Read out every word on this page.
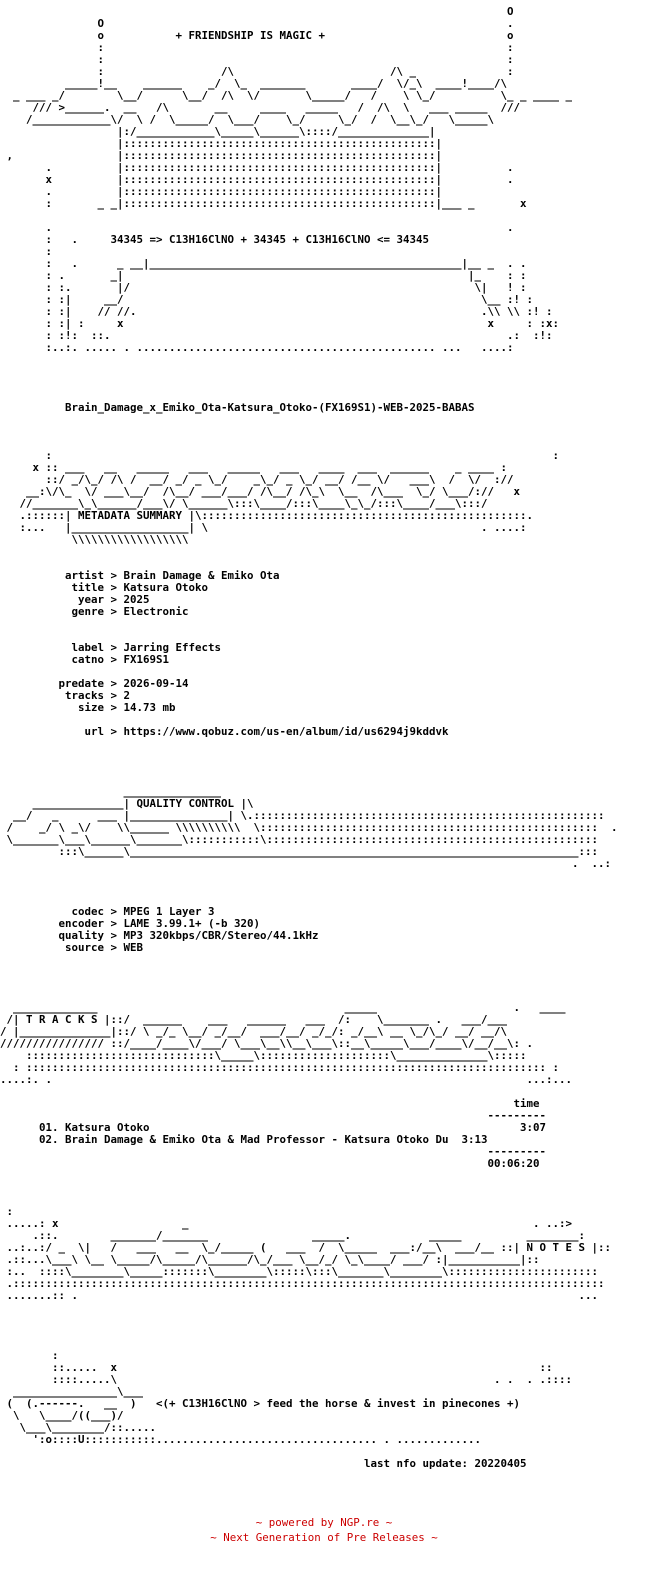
O
O                                                              .
o           + FRIENDSHIP IS MAGIC +                            o
:                                                              :
:                                                              :
:                  /\                        /\ _              :
_____!__    ______    _/  \_  _______       ____/  \/_\  ____!____/\
_ ___ _/        \__/      \__/  /\  \/       \_____/   /    \ \_/          \_ _ ____ _
/// >______.  __   /\       __     ____   _____   /  /\  \   ___ _____  ///
/____________\/  \ /  \_____/  \___/    \_/     \_/  /  \__\_/   \_____\
|:/____________\_____\______\::::/______________|
|::::::::::::::::::::::::::::::::::::::::::::::::|
,                |::::::::::::::::::::::::::::::::::::::::::::::::|
.          |::::::::::::::::::::::::::::::::::::::::::::::::|          .
x          |::::::::::::::::::::::::::::::::::::::::::::::::|          .
.          |::::::::::::::::::::::::::::::::::::::::::::::::|
:       _ _|::::::::::::::::::::::::::::::::::::::::::::::::|___ _       x

.                                                                      .
:   .     34345 => C13H16ClNO + 34345 + C13H16ClNO <= 34345
:
:   .      _ __|________________________________________________|__ _  . .
: .       _|                                                     |_    : :
: :.       |/                                                     \|   ! :
: :|     __/                                                       \__ :! :
: :|    // //.                                                     .\\ \\ :! :
: :| :     x                                                        x     : :x:
: :!:  ::.                                                             .:  :!:
:..:. ..... . .............................................. ...   ....:

Brain_Damage_x_Emiko_Ota-Katsura_Otoko-(FX169S1)-WEB-2025-BABAS

:                                                                             :
x :: ___   __   _____   ___   _____   ___   ____  ___  ______    _ ____ :
::/ _/\_/ /\ /  __/ _/ _ \_/    _\_/ _ \_/ __/ /__ \/   ___\  /  \/  ://
__:\/\_  \/ ___\__/  /\__/ ___/___/ /\__/ /\_\  \__  /\___  \_/ \___/://   x
//_______\_\______/___\/ \______\:::\____/:::\____\_\_/:::\____/___\:::/
.::::::| METADATA SUMMARY |\::::::::::::::::::::::::::::::::::::::::::::::::::.
:...   |__________________| \                                          . ....:
\\\\\\\\\\\\\\\\\\

artist > Brain Damage & Emiko Ota
title > Katsura Otoko
year > 2025
genre > Electronic

label > Jarring Effects
catno > FX169S1

predate > 2026-09-14
tracks > 2
size > 14.73 mb

url > https://www.qobuz.com/us-en/album/id/us6294j9kddvk

_______________
______________| QUALITY CONTROL |\
__/   _      ___ |_______________| \.::::::::::::::::::::::::::::::::::::::::::::::::::::::
/    _/ \ _\/    \\______ \\\\\\\\\\  \::::::::::::::::::::::::::::::::::::::::::::::::::::  .
\_______\___\______\_______\:::::::::::\:::::::::::::::::::::::::::::::::::::::::::::::::::
:::\______\_____________________________________________________________________:::
.  ..:

codec > MPEG 1 Layer 3
encoder > LAME 3.99.1+ (-b 320)
quality > MP3 320kbps/CBR/Stereo/44.1kHz
source > WEB

_____________                                      _____                     .   ____
/| T R A C K S |::/  ______    ___   ______   ___  /:    \_______ .   ___/___
/ |______________|::/ \ _/_ \__/ _/__/  ___/__/ _/_/: _/__\ __ \_/\_/ __/ __/\
//////////////// ::/____/____\/___/ \___\__\\__\___\::__\_____\___/____\/__/__\: .
:::::::::::::::::::::::::::::\_____\::::::::::::::::::::\______________\:::::
: :::::::::::::::::::::::::::::::::::::::::::::::::::::::::::::::::::::::::::::::: :
....:. .                                                                         ...:...

time
---------
01. Katsura Otoko                                                         3:07
02. Brain Damage & Emiko Ota & Mad Professor - Katsura Otoko Du  3:13
---------
00:06:20

:
.....: x                   _                                                     . ..:>
.::.        _______/_______                _____.            _____          ________:
..:..:/ _  \|   /   ___   __  \_/_____ (   ___  /  \_____  ___:/__\  ___/__ ::| N O T E S |::
.::...\___\ \__ \_____/\_____/\______/\_/___ \__/_/ \_\____/ ___/ :|___________|::
:..  ::::\________\_____:::::::\________\:::::\:::\_______\________\:::::::::::::::::::::::
.:::::::::::::::::::::::::::::::::::::::::::::::::::::::::::::::::::::::::::::::::::::::::::
.......:: .                                                                             ...

:
::.....  x                                                                 ::
::::.....\                                                          . .  . .::::
________________\___
(  (.------.   __  )   <(+ C13H16ClNO > feed the horse & invest in pinecones +)
\   \____/((___)/
\___\________/::.....
':o::::U:::::::::::.................................. . .............

last nfo update: 20220405

~ powered by NGP.re ~
~ Next Generation of Pre Releases ~
